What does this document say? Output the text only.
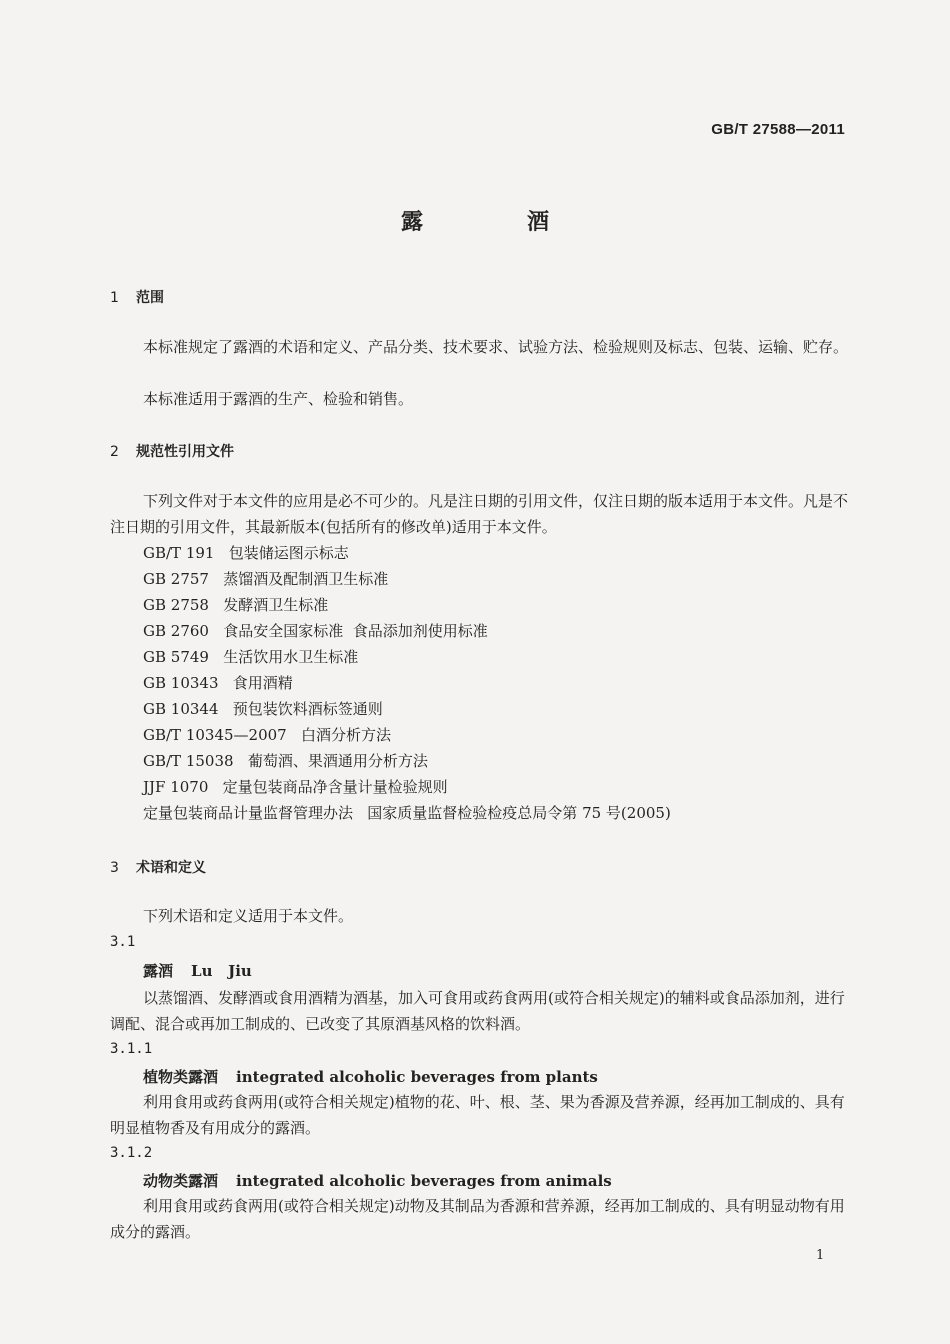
GB/T 27588—2011
露	酒
1 范围
本标准规定了露酒的术语和定义、产品分类、技术要求、试验方法、检验规则及标志、包装、运输、贮存。
本标准适用于露酒的生产、检验和销售。
2 规范性引用文件
下列文件对于本文件的应用是必不可少的。凡是注日期的引用文件，仅注日期的版本适用于本文件。凡是不注日期的引用文件，其最新版本(包括所有的修改单)适用于本文件。
GB/T 191   包装储运图示标志
GB 2757   蒸馏酒及配制酒卫生标准
GB 2758   发酵酒卫生标准
GB 2760   食品安全国家标准  食品添加剂使用标准
GB 5749   生活饮用水卫生标准
GB 10343   食用酒精
GB 10344   预包装饮料酒标签通则
GB/T 10345—2007   白酒分析方法
GB/T 15038   葡萄酒、果酒通用分析方法
JJF 1070   定量包装商品净含量计量检验规则
定量包装商品计量监督管理办法   国家质量监督检验检疫总局令第 75 号(2005)
3 术语和定义
下列术语和定义适用于本文件。
3.1
露酒 Lu   Jiu
以蒸馏酒、发酵酒或食用酒精为酒基，加入可食用或药食两用(或符合相关规定)的辅料或食品添加剂，进行调配、混合或再加工制成的、已改变了其原酒基风格的饮料酒。
3.1.1
植物类露酒 integrated alcoholic beverages from plants
利用食用或药食两用(或符合相关规定)植物的花、叶、根、茎、果为香源及营养源，经再加工制成的、具有明显植物香及有用成分的露酒。
3.1.2
动物类露酒 integrated alcoholic beverages from animals
利用食用或药食两用(或符合相关规定)动物及其制品为香源和营养源，经再加工制成的、具有明显动物有用成分的露酒。
1
